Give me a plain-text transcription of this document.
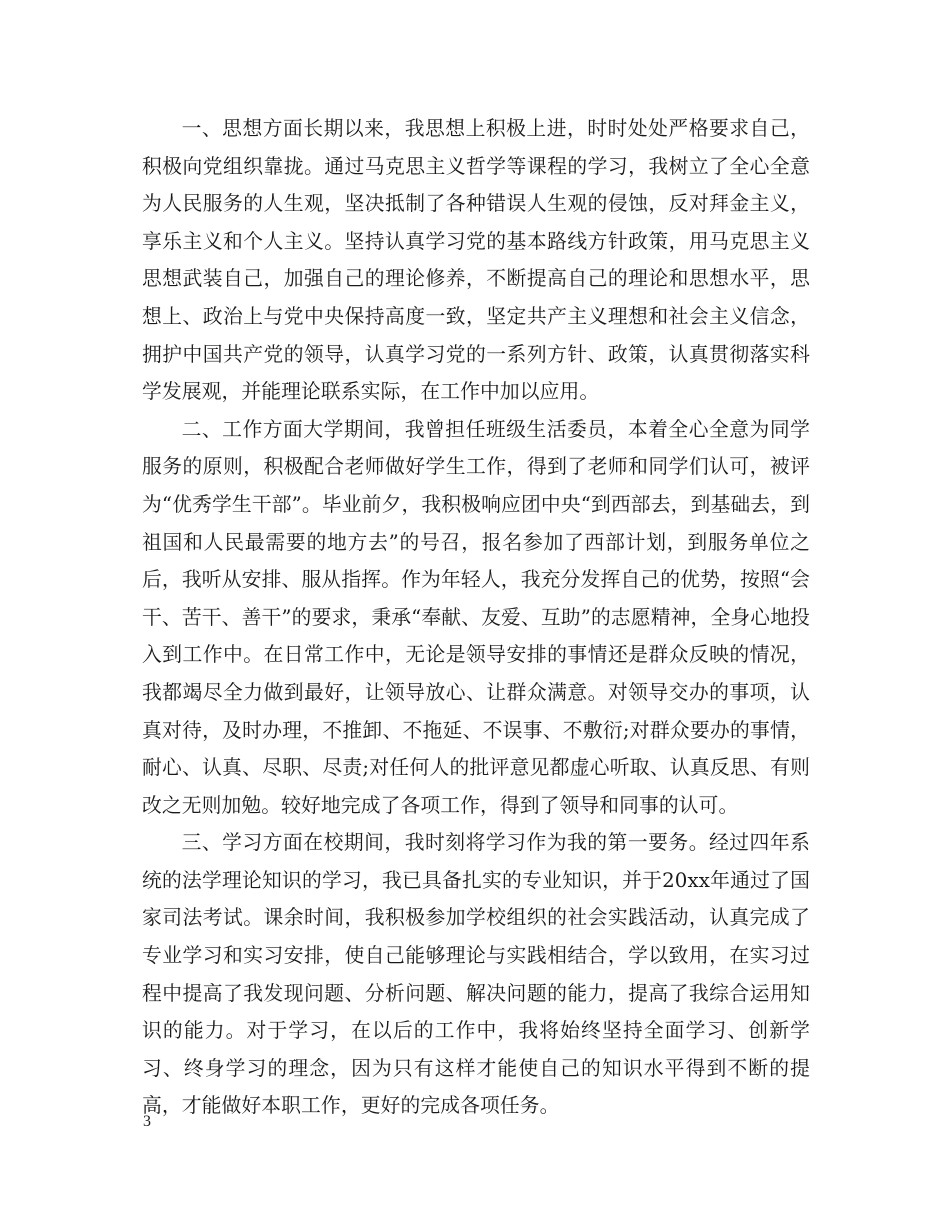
一、思想方面长期以来，我思想上积极上进，时时处处严格要求自己，积极向党组织靠拢。通过马克思主义哲学等课程的学习，我树立了全心全意为人民服务的人生观，坚决抵制了各种错误人生观的侵蚀，反对拜金主义，享乐主义和个人主义。坚持认真学习党的基本路线方针政策，用马克思主义思想武装自己，加强自己的理论修养，不断提高自己的理论和思想水平，思想上、政治上与党中央保持高度一致，坚定共产主义理想和社会主义信念，拥护中国共产党的领导，认真学习党的一系列方针、政策，认真贯彻落实科学发展观，并能理论联系实际，在工作中加以应用。

二、工作方面大学期间，我曾担任班级生活委员，本着全心全意为同学服务的原则，积极配合老师做好学生工作，得到了老师和同学们认可，被评为“优秀学生干部”。毕业前夕，我积极响应团中央“到西部去，到基础去，到祖国和人民最需要的地方去”的号召，报名参加了西部计划，到服务单位之后，我听从安排、服从指挥。作为年轻人，我充分发挥自己的优势，按照“会干、苦干、善干”的要求，秉承“奉献、友爱、互助”的志愿精神，全身心地投入到工作中。在日常工作中，无论是领导安排的事情还是群众反映的情况，我都竭尽全力做到最好，让领导放心、让群众满意。对领导交办的事项，认真对待，及时办理，不推卸、不拖延、不误事、不敷衍;对群众要办的事情，耐心、认真、尽职、尽责;对任何人的批评意见都虚心听取、认真反思、有则改之无则加勉。较好地完成了各项工作，得到了领导和同事的认可。

三、学习方面在校期间，我时刻将学习作为我的第一要务。经过四年系统的法学理论知识的学习，我已具备扎实的专业知识，并于20xx年通过了国家司法考试。课余时间，我积极参加学校组织的社会实践活动，认真完成了专业学习和实习安排，使自己能够理论与实践相结合，学以致用，在实习过程中提高了我发现问题、分析问题、解决问题的能力，提高了我综合运用知识的能力。对于学习，在以后的工作中，我将始终坚持全面学习、创新学习、终身学习的理念，因为只有这样才能使自己的知识水平得到不断的提高，才能做好本职工作，更好的完成各项任务。

3
